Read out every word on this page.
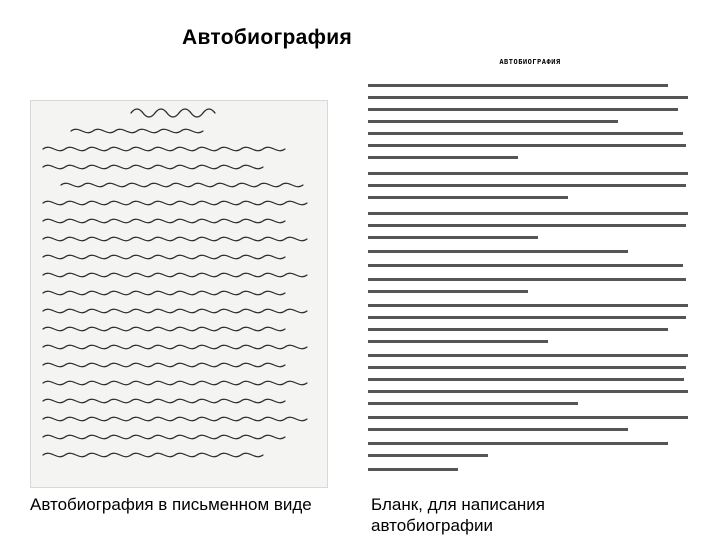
Автобиография
АВТОБИОГРАФИЯ
Автобиография в письменном виде	Бланк, для написания автобиографии
